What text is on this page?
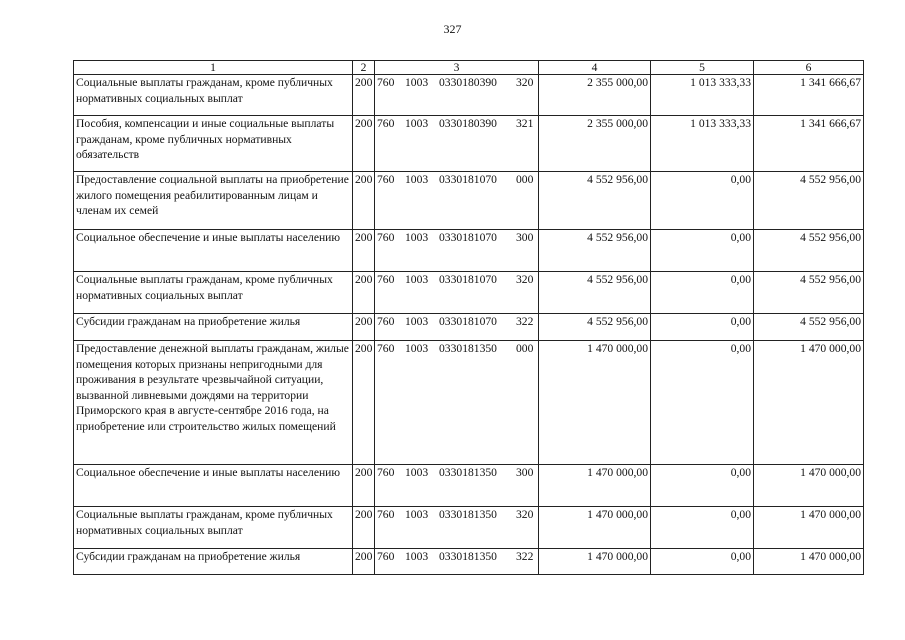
327
1	2	3	4	5	6
Социальные выплаты гражданам, кроме публичных нормативных социальных выплат	200	760 1003 0330180390 320	2 355 000,00	1 013 333,33	1 341 666,67
Пособия, компенсации и иные социальные выплаты гражданам, кроме публичных нормативных обязательств	200	760 1003 0330180390 321	2 355 000,00	1 013 333,33	1 341 666,67
Предоставление социальной выплаты на приобретение жилого помещения реабилитированным лицам и членам их семей	200	760 1003 0330181070 000	4 552 956,00	0,00	4 552 956,00
Социальное обеспечение и иные выплаты населению	200	760 1003 0330181070 300	4 552 956,00	0,00	4 552 956,00
Социальные выплаты гражданам, кроме публичных нормативных социальных выплат	200	760 1003 0330181070 320	4 552 956,00	0,00	4 552 956,00
Субсидии гражданам на приобретение жилья	200	760 1003 0330181070 322	4 552 956,00	0,00	4 552 956,00
Предоставление денежной выплаты гражданам, жилые помещения которых признаны непригодными для проживания в результате чрезвычайной ситуации, вызванной ливневыми дождями на территории Приморского края в августе-сентябре 2016 года, на приобретение или строительство жилых помещений	200	760 1003 0330181350 000	1 470 000,00	0,00	1 470 000,00
Социальное обеспечение и иные выплаты населению	200	760 1003 0330181350 300	1 470 000,00	0,00	1 470 000,00
Социальные выплаты гражданам, кроме публичных нормативных социальных выплат	200	760 1003 0330181350 320	1 470 000,00	0,00	1 470 000,00
Субсидии гражданам на приобретение жилья	200	760 1003 0330181350 322	1 470 000,00	0,00	1 470 000,00
